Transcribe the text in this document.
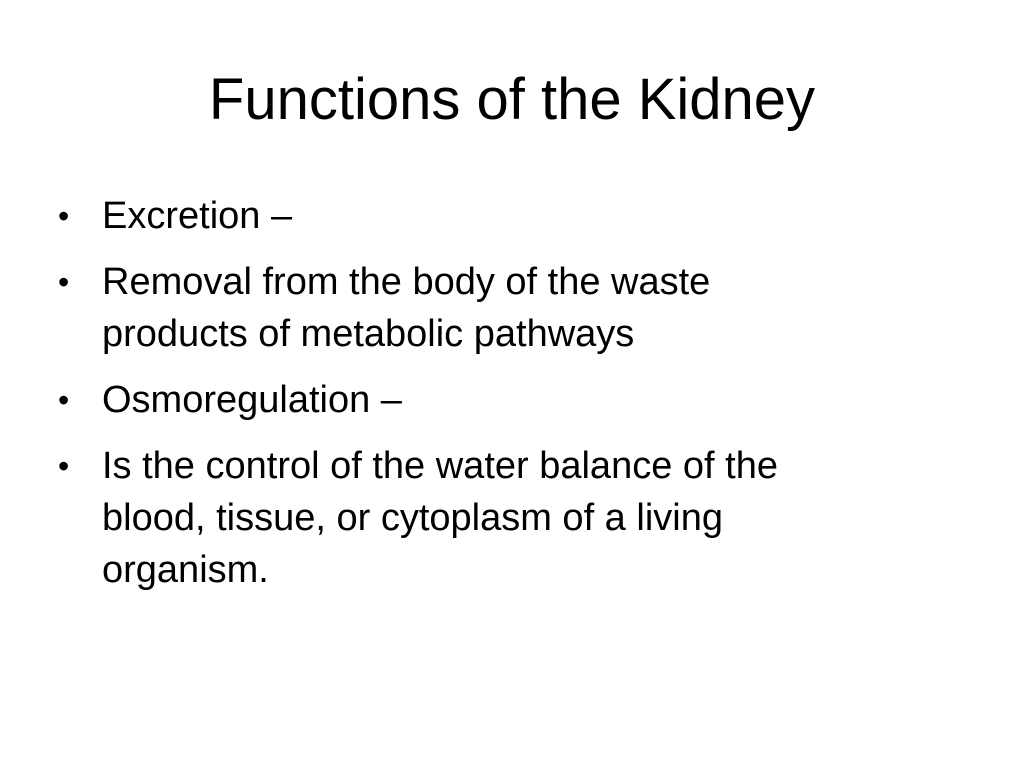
Functions of the Kidney
• Excretion –
• Removal from the body of the waste
products of metabolic pathways
• Osmoregulation –
• Is the control of the water balance of the
blood, tissue, or cytoplasm of a living
organism.
